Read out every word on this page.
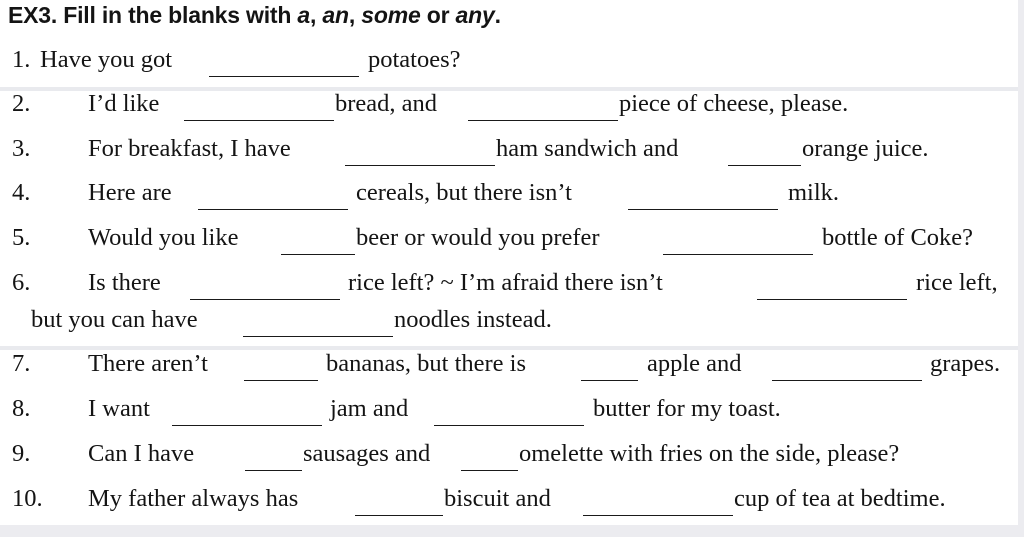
EX3. Fill in the blanks with a, an, some or any.
1. Have you got	potatoes?
2. I’d like	bread, and	piece of cheese, please.
3. For breakfast, I have	ham sandwich and	orange juice.
4. Here are	cereals, but there isn’t	milk.
5. Would you like	beer or would you prefer	bottle of Coke?
6. Is there	rice left? ~ I’m afraid there isn’t	rice left,
but you can have	noodles instead.
7. There aren’t	bananas, but there is	apple and	grapes.
8. I want	jam and	butter for my toast.
9. Can I have	sausages and	omelette with fries on the side, please?
10. My father always has	biscuit and	cup of tea at bedtime.
